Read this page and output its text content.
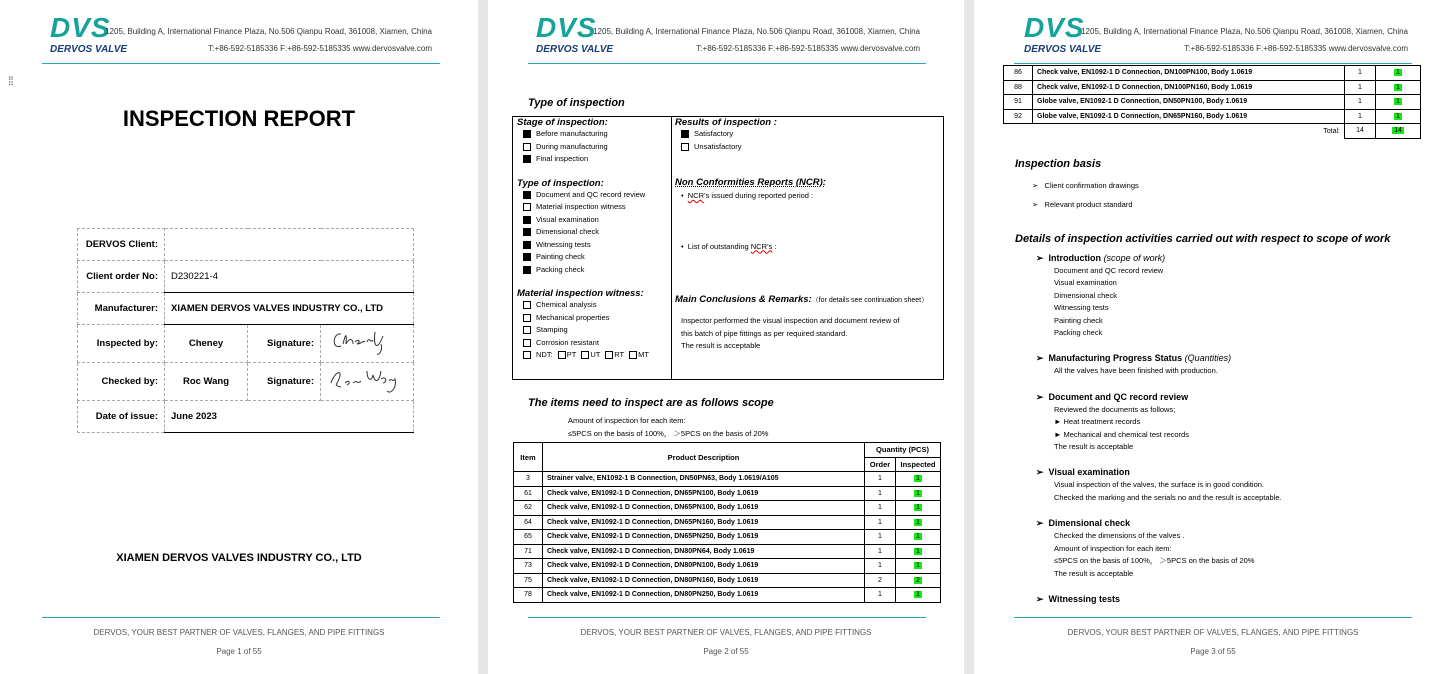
DVS
DERVOS VALVE
1205, Building A, International Finance Plaza, No.506 Qianpu Road, 361008, Xiamen, China
T:+86-592-5185336 F:+86-592-5185335 www.dervosvalve.com
⁞⁞
INSPECTION REPORT
DERVOS Client:			
Client order No:	D230221-4		
Manufacturer:	XIAMEN DERVOS VALVES INDUSTRY CO., LTD		
Inspected by:	Cheney	Signature:	
Checked by:	Roc Wang	Signature:	
Date of issue:	June 2023		
XIAMEN DERVOS VALVES INDUSTRY CO., LTD
DERVOS, YOUR BEST PARTNER OF VALVES, FLANGES, AND PIPE FITTINGS
Page 1 of 55
DVS
DERVOS VALVE
1205, Building A, International Finance Plaza, No.506 Qianpu Road, 361008, Xiamen, China
T:+86-592-5185336 F:+86-592-5185335 www.dervosvalve.com
Type of inspection
Stage of inspection:
Before manufacturing
During manufacturing
Final inspection
Type of inspection:
Document and QC record review
Material inspection witness
Visual examination
Dimensional check
Witnessing tests
Painting check
Packing check
Material inspection witness:
Chemical analysis
Mechanical properties
Stamping
Corrosion resistant
NDT: PT UT RT MT
Results of inspection :
Satisfactory
Unsatisfactory
Non Conformities Reports (NCR):
•  NCR’s issued during reported period :
•  List of outstanding NCR’s :
Main Conclusions & Remarks:（for details see continuation sheet）
Inspector performed the visual inspection and document review of
this batch of pipe fittings as per required standard.
The result is acceptable
The items need to inspect are as follows scope
Amount of inspection for each item:
≤5PCS on the basis of 100%， ＞5PCS on the basis of 20%
Item	Product Description	Quantity (PCS)	
		Order	Inspected
3	Strainer valve, EN1092-1 B Connection, DN50PN63, Body 1.0619/A105	1	1
61	Check valve, EN1092-1 D Connection, DN65PN100, Body 1.0619	1	1
62	Check valve, EN1092-1 D Connection, DN65PN100, Body 1.0619	1	1
64	Check valve, EN1092-1 D Connection, DN65PN160, Body 1.0619	1	1
65	Check valve, EN1092-1 D Connection, DN65PN250, Body 1.0619	1	1
71	Check valve, EN1092-1 D Connection, DN80PN64, Body 1.0619	1	1
73	Check valve, EN1092-1 D Connection, DN80PN100, Body 1.0619	1	1
75	Check valve, EN1092-1 D Connection, DN80PN160, Body 1.0619	2	2
78	Check valve, EN1092-1 D Connection, DN80PN250, Body 1.0619	1	1
DERVOS, YOUR BEST PARTNER OF VALVES, FLANGES, AND PIPE FITTINGS
Page 2 of 55
DVS
DERVOS VALVE
1205, Building A, International Finance Plaza, No.506 Qianpu Road, 361008, Xiamen, China
T:+86-592-5185336 F:+86-592-5185335 www.dervosvalve.com
86	Check valve, EN1092-1 D Connection, DN100PN100, Body 1.0619	1	1
88	Check valve, EN1092-1 D Connection, DN100PN160, Body 1.0619	1	1
91	Globe valve, EN1092-1 D Connection, DN50PN100, Body 1.0619	1	1
92	Globe valve, EN1092-1 D Connection, DN65PN160, Body 1.0619	1	1
	Total:	14	14
Inspection basis
➢   Client confirmation drawings
➢   Relevant product standard
Details of inspection activities carried out with respect to scope of work
➢  Introduction (scope of work)
Document and QC record review
Visual examination
Dimensional check
Witnessing tests
Painting check
Packing check
➢  Manufacturing Progress Status (Quantities)
All the valves have been finished with production.
➢  Document and QC record review
Reviewed the documents as follows;
► Heat treatment records
► Mechanical and chemical test records
The result is acceptable
➢  Visual examination
Visual inspection of the valves, the surface is in good condition.
Checked the marking and the serials no and the result is acceptable.
➢  Dimensional check
Checked the dimensions of the valves .
Amount of inspection for each item:
≤5PCS on the basis of 100%， ＞5PCS on the basis of 20%
The result is acceptable
➢  Witnessing tests
DERVOS, YOUR BEST PARTNER OF VALVES, FLANGES, AND PIPE FITTINGS
Page 3 of 55
